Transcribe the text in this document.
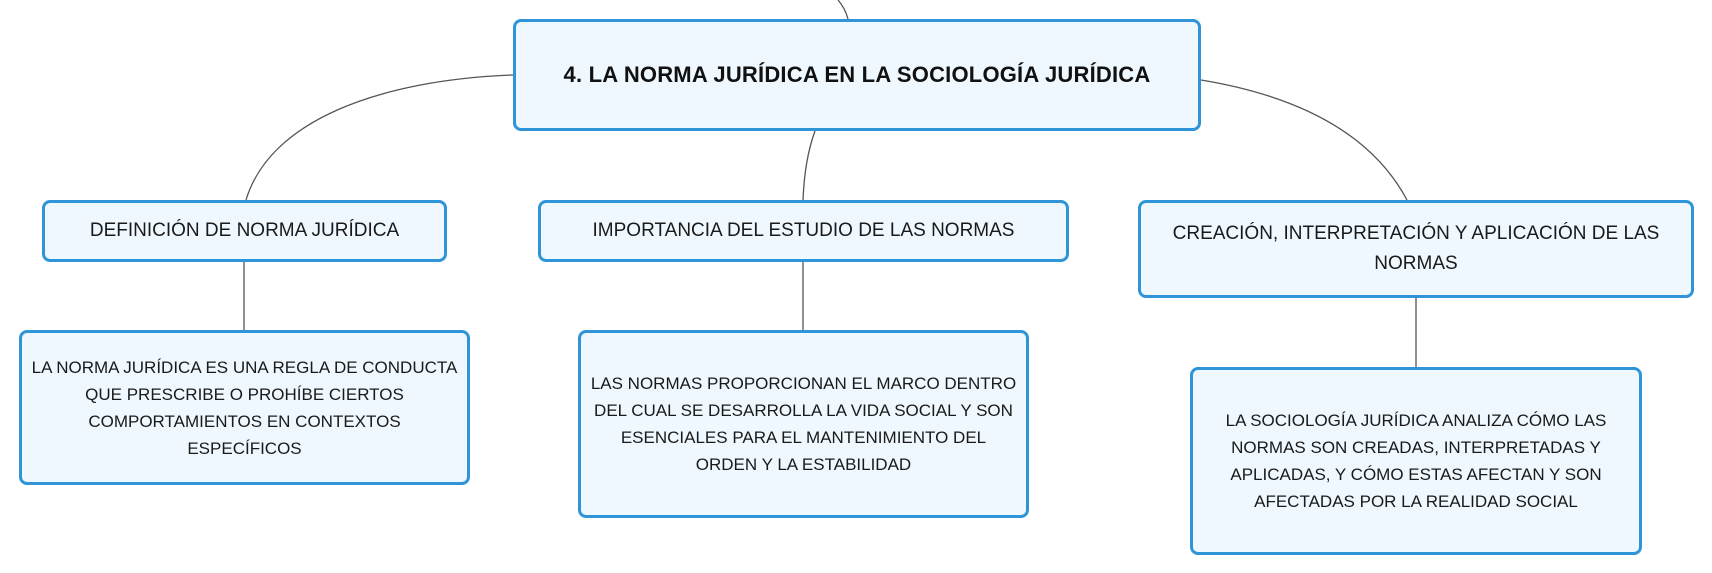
4. LA NORMA JURÍDICA EN LA SOCIOLOGÍA JURÍDICA
DEFINICIÓN DE NORMA JURÍDICA	IMPORTANCIA DEL ESTUDIO DE LAS NORMAS	CREACIÓN, INTERPRETACIÓN Y APLICACIÓN DE LAS NORMAS
LA NORMA JURÍDICA ES UNA REGLA DE CONDUCTA QUE PRESCRIBE O PROHÍBE CIERTOS COMPORTAMIENTOS EN CONTEXTOS ESPECÍFICOS
LAS NORMAS PROPORCIONAN EL MARCO DENTRO DEL CUAL SE DESARROLLA LA VIDA SOCIAL Y SON ESENCIALES PARA EL MANTENIMIENTO DEL ORDEN Y LA ESTABILIDAD
LA SOCIOLOGÍA JURÍDICA ANALIZA CÓMO LAS NORMAS SON CREADAS, INTERPRETADAS Y APLICADAS, Y CÓMO ESTAS AFECTAN Y SON AFECTADAS POR LA REALIDAD SOCIAL
